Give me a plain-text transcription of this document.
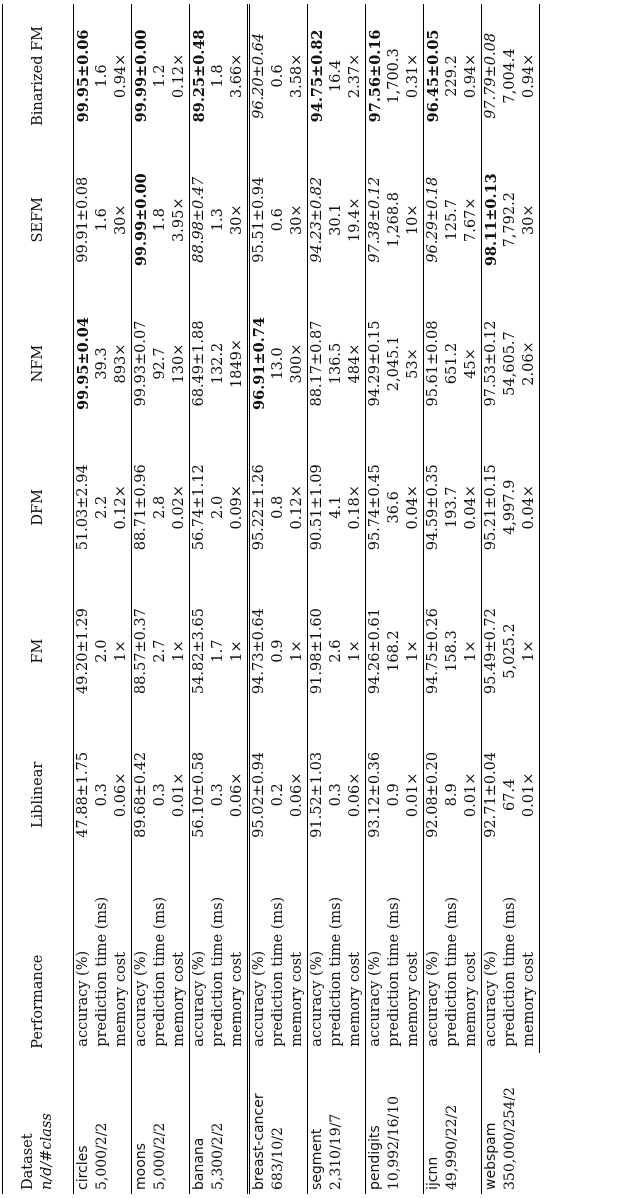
Dataset n/d/#class	Performance	Liblinear	FM	DFM	NFM	SEFM	Binarized FM
circles 5,000/2/2	accuracy (%)	47.88±1.75	49.20±1.29	51.03±2.94	99.95±0.04	99.91±0.08	99.95±0.06
	prediction time (ms)	0.3	2.0	2.2	39.3	1.6	1.6
	memory cost	0.06×	1×	0.12×	893×	30×	0.94×
moons 5,000/2/2	accuracy (%)	89.68±0.42	88.57±0.37	88.71±0.96	99.93±0.07	99.99±0.00	99.99±0.00
	prediction time (ms)	0.3	2.7	2.8	92.7	1.8	1.2
	memory cost	0.01×	1×	0.02×	130×	3.95×	0.12×
banana 5,300/2/2	accuracy (%)	56.10±0.58	54.82±3.65	56.74±1.12	68.49±1.88	88.98±0.47	89.25±0.48
	prediction time (ms)	0.3	1.7	2.0	132.2	1.3	1.8
	memory cost	0.06×	1×	0.09×	1849×	30×	3.66×
breast-cancer 683/10/2	accuracy (%)	95.02±0.94	94.73±0.64	95.22±1.26	96.91±0.74	95.51±0.94	96.20±0.64
	prediction time (ms)	0.2	0.9	0.8	13.0	0.6	0.6
	memory cost	0.06×	1×	0.12×	300×	30×	3.58×
segment 2,310/19/7	accuracy (%)	91.52±1.03	91.98±1.60	90.51±1.09	88.17±0.87	94.23±0.82	94.75±0.82
	prediction time (ms)	0.3	2.6	4.1	136.5	30.1	16.4
	memory cost	0.06×	1×	0.18×	484×	19.4×	2.37×
pendigits 10,992/16/10	accuracy (%)	93.12±0.36	94.26±0.61	95.74±0.45	94.29±0.15	97.38±0.12	97.56±0.16
	prediction time (ms)	0.9	168.2	36.6	2,045.1	1,268.8	1,700.3
	memory cost	0.01×	1×	0.04×	53×	10×	0.31×
ijcnn 49,990/22/2	accuracy (%)	92.08±0.20	94.75±0.26	94.59±0.35	95.61±0.08	96.29±0.18	96.45±0.05
	prediction time (ms)	8.9	158.3	193.7	651.2	125.7	229.2
	memory cost	0.01×	1×	0.04×	45×	7.67×	0.94×
webspam 350,000/254/2	accuracy (%)	92.71±0.04	95.49±0.72	95.21±0.15	97.53±0.12	98.11±0.13	97.79±0.08
	prediction time (ms)	67.4	5,025.2	4,997.9	54,605.7	7,792.2	7,004.4
	memory cost	0.01×	1×	0.04×	2.06×	30×	0.94×
